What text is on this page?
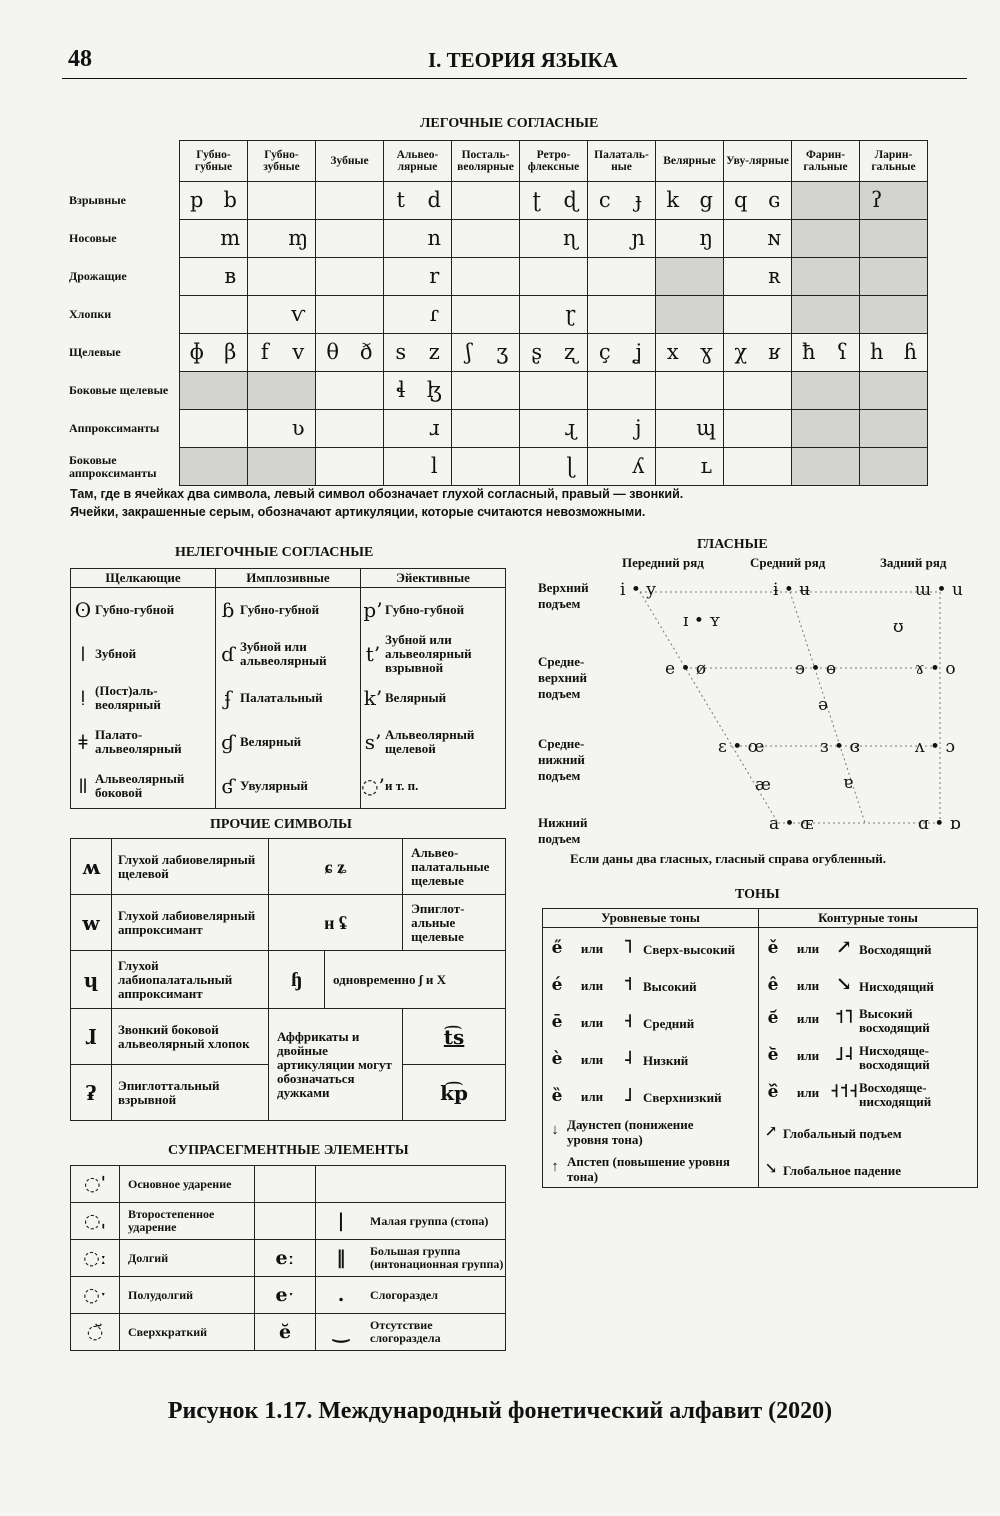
48	I. ТЕОРИЯ ЯЗЫКА
ЛЕГОЧНЫЕ СОГЛАСНЫЕ
	Губно-губные	Губно-зубные	Зубные	Альвео-лярные	Посталь-веолярные	Ретро-флексные	Палаталь-ные	Велярные	Уву-лярные	Фарин-гальные	Ларин-гальные
Взрывные	p b			t d		ʈ ɖ	c ɟ	k g	q ɢ		ʔ

Носовые	m	ɱ		n		ɳ	ɲ	ŋ	ɴ		

Дрожащие	ʙ			r					ʀ		

Хлопки		ⱱ		ɾ		ɽ					

Щелевые	ɸ β	f v	θ ð	s z	ʃ ʒ	ʂ ʐ	ç ʝ	x ɣ	χ ʁ	ħ ʕ	h ɦ

Боковые щелевые				ɬ ɮ							

Аппроксиманты		ʋ		ɹ		ɻ	j	ɰ			

Боковые аппроксиманты				l		ɭ	ʎ	ʟ			

Там, где в ячейках два символа, левый символ обозначает глухой согласный, правый — звонкий.
Ячейки, закрашенные серым, обозначают артикуляции, которые считаются невозможными.
НЕЛЕГОЧНЫЕ СОГЛАСНЫЕ
Щелкающие	Имплозивные	Эйективные
ʘ Губно-губной	ɓ Губно-губной	p’ Губно-губной
ǀ Зубной	ɗ Зубной или альвеолярный	t’Зубной или альвеолярный взрывной
ǃ (Пост)аль-веолярный	ʄ Палатальный	k’ Велярный
ǂ Палато-альвеолярный	ɠ Велярный	s’ Альвеолярный щелевой
ǁ Альвеолярный боковой	ʛ Увулярный	◌’и т. п.
ПРОЧИЕ СИМВОЛЫ
ʍ	Глухой лабиовелярный щелевой	ɕ ʑ		Альвео-палатальные щелевые
w	Глухой лабиовелярный аппроксимант	ʜ ʢ		Эпиглот-альные щелевые
ɥ	Глухой лабиопалатальный аппроксимант	ɧ	одновременно ʃ и X	
ɺ	Звонкий боковой альвеолярный хлопок	Аффрикаты и двойные артикуляции могут обозначаться дужками		t͡s
ʡ	Эпиглоттальный взрывной			k͡p
СУПРАСЕГМЕНТНЫЕ ЭЛЕМЕНТЫ
◌ˈ	Основное ударение			
◌ˌ	Второстепенное ударение		|	Малая группа (стопа)
◌ː	Долгий	eː	‖	Большая группа (интонационная группа)
◌ˑ	Полудолгий	eˑ	.	Слогораздел
◌̆	Сверхкраткий	ĕ	‿	Отсутствие слогораздела
ГЛАСНЫЕ
Передний ряд	Средний ряд	Задний ряд
Верхний подъем
Средне-верхний подъем
Средне-нижний подъем
Нижний подъем
i • y	ɨ • ʉ	ɯ • u
ɪ • ʏ	ʊ
e • ø	ɘ • ɵ	ɤ • o
ə
ɛ • œ	ɜ • ɞ	ʌ • ɔ
æ	ɐ
a • ɶ	ɑ • ɒ
Если даны два гласных, гласный справа огубленный.
ТОНЫ
Уровневые тоны	Контурные тоны
e̋ или ˥ Сверх-высокий	ě или ↗ Восходящий
é или ˦ Высокий	ê или ↘ Нисходящий
ē или ˧ Средний	e᷄ или ˦˥ Высокий восходящий
è или ˨ Низкий	e᷅ или ˩˨ Нисходяще-восходящий
ȅ или ˩ Сверхнизкий	e᷈ или ˧˦˧Восходяще-нисходящий
↓ Даунстеп (понижение уровня тона)	↗ Глобальный подъем
↑ Апстеп (повышение уровня тона)	↘ Глобальное падение
Рисунок 1.17. Международный фонетический алфавит (2020)
